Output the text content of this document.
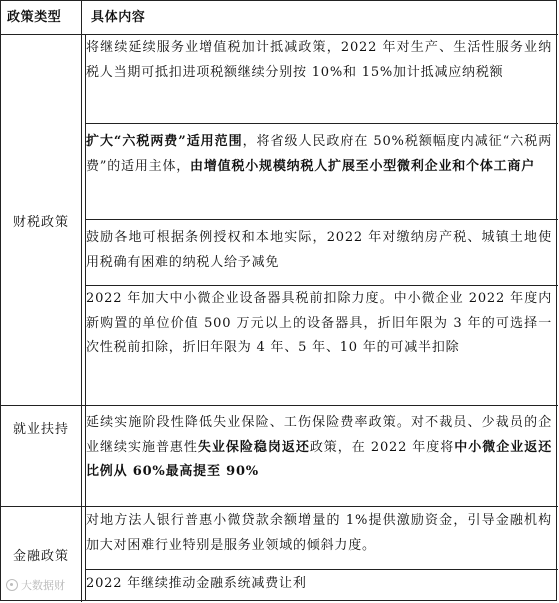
政策类型	具体内容
财税政策
将继续延续服务业增值税加计抵减政策，2022 年对生产、生活性服务业纳税人当期可抵扣进项税额继续分别按 10%和 15%加计抵减应纳税额
扩大“六税两费”适用范围，将省级人民政府在 50%税额幅度内减征“六税两费”的适用主体，由增值税小规模纳税人扩展至小型微利企业和个体工商户
鼓励各地可根据条例授权和本地实际，2022 年对缴纳房产税、城镇土地使用税确有困难的纳税人给予减免
2022 年加大中小微企业设备器具税前扣除力度。中小微企业 2022 年度内新购置的单位价值 500 万元以上的设备器具，折旧年限为 3 年的可选择一次性税前扣除，折旧年限为 4 年、5 年、10 年的可减半扣除
就业扶持	延续实施阶段性降低失业保险、工伤保险费率政策。对不裁员、少裁员的企业继续实施普惠性失业保险稳岗返还政策，在 2022 年度将中小微企业返还比例从 60%最高提至 90%
金融政策
对地方法人银行普惠小微贷款余额增量的 1%提供激励资金，引导金融机构加大对困难行业特别是服务业领域的倾斜力度。
2022 年继续推动金融系统减费让利
大数据财
